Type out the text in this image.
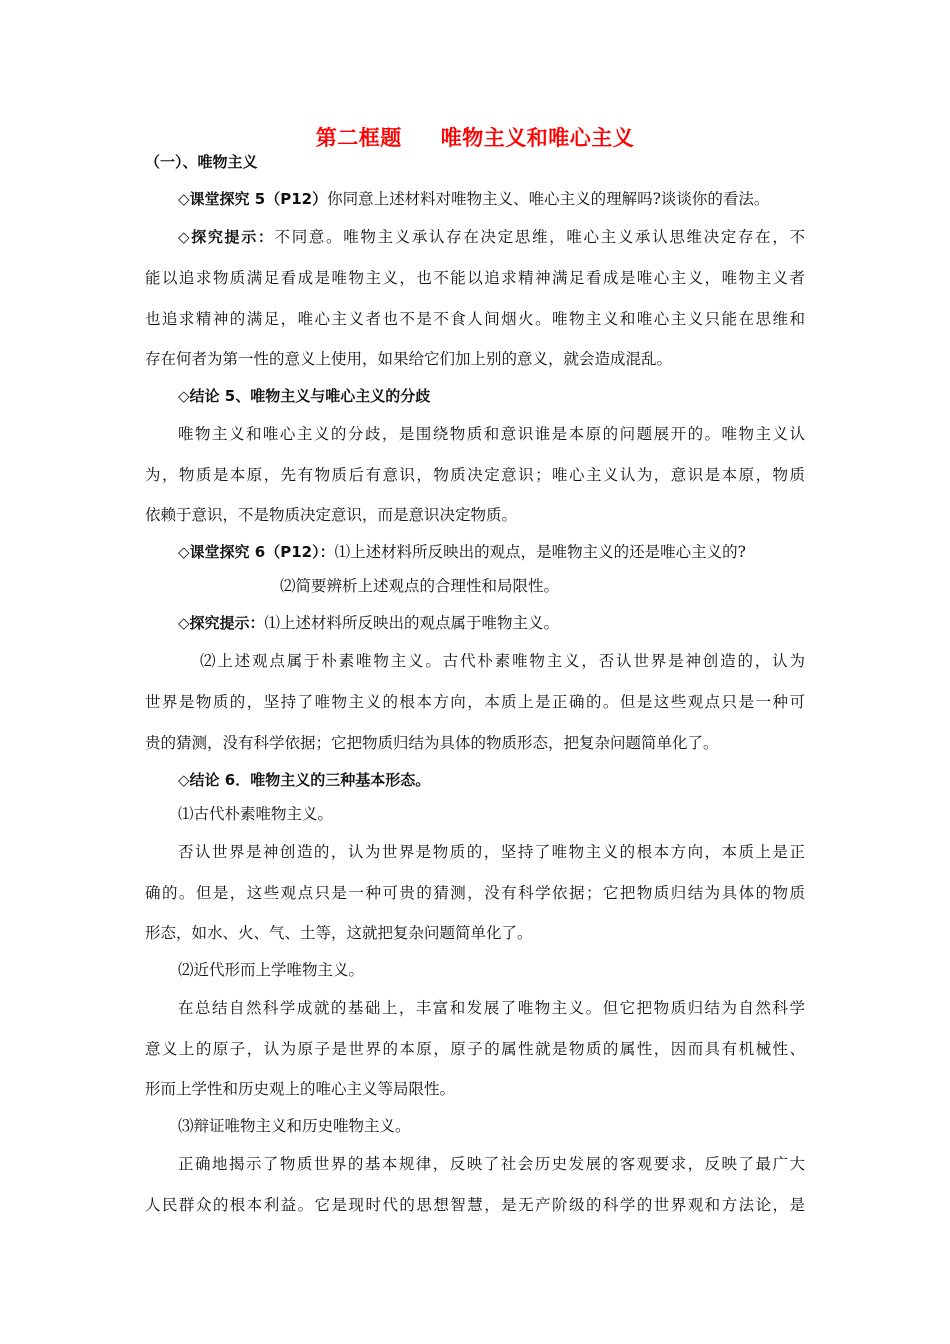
第二框题     唯物主义和唯心主义
（一）、唯物主义
◇课堂探究 5（P12）你同意上述材料对唯物主义、唯心主义的理解吗?谈谈你的看法。
◇探究提示：不同意。唯物主义承认存在决定思维，唯心主义承认思维决定存在，不
能以追求物质满足看成是唯物主义，也不能以追求精神满足看成是唯心主义，唯物主义者
也追求精神的满足，唯心主义者也不是不食人间烟火。唯物主义和唯心主义只能在思维和
存在何者为第一性的意义上使用，如果给它们加上别的意义，就会造成混乱。
◇结论 5、唯物主义与唯心主义的分歧
唯物主义和唯心主义的分歧，是围绕物质和意识谁是本原的问题展开的。唯物主义认
为，物质是本原，先有物质后有意识，物质决定意识；唯心主义认为，意识是本原，物质
依赖于意识，不是物质决定意识，而是意识决定物质。
◇课堂探究 6（P12）：⑴上述材料所反映出的观点，是唯物主义的还是唯心主义的?
⑵简要辨析上述观点的合理性和局限性。
◇探究提示：⑴上述材料所反映出的观点属于唯物主义。
⑵上述观点属于朴素唯物主义。古代朴素唯物主义，否认世界是神创造的，认为
世界是物质的，坚持了唯物主义的根本方向，本质上是正确的。但是这些观点只是一种可
贵的猜测，没有科学依据；它把物质归结为具体的物质形态，把复杂问题简单化了。
◇结论 6．唯物主义的三种基本形态。
⑴古代朴素唯物主义。
否认世界是神创造的，认为世界是物质的，坚持了唯物主义的根本方向，本质上是正
确的。但是，这些观点只是一种可贵的猜测，没有科学依据；它把物质归结为具体的物质
形态，如水、火、气、土等，这就把复杂问题简单化了。
⑵近代形而上学唯物主义。
在总结自然科学成就的基础上，丰富和发展了唯物主义。但它把物质归结为自然科学
意义上的原子，认为原子是世界的本原，原子的属性就是物质的属性，因而具有机械性、
形而上学性和历史观上的唯心主义等局限性。
⑶辩证唯物主义和历史唯物主义。
正确地揭示了物质世界的基本规律，反映了社会历史发展的客观要求，反映了最广大
人民群众的根本利益。它是现时代的思想智慧，是无产阶级的科学的世界观和方法论，是
